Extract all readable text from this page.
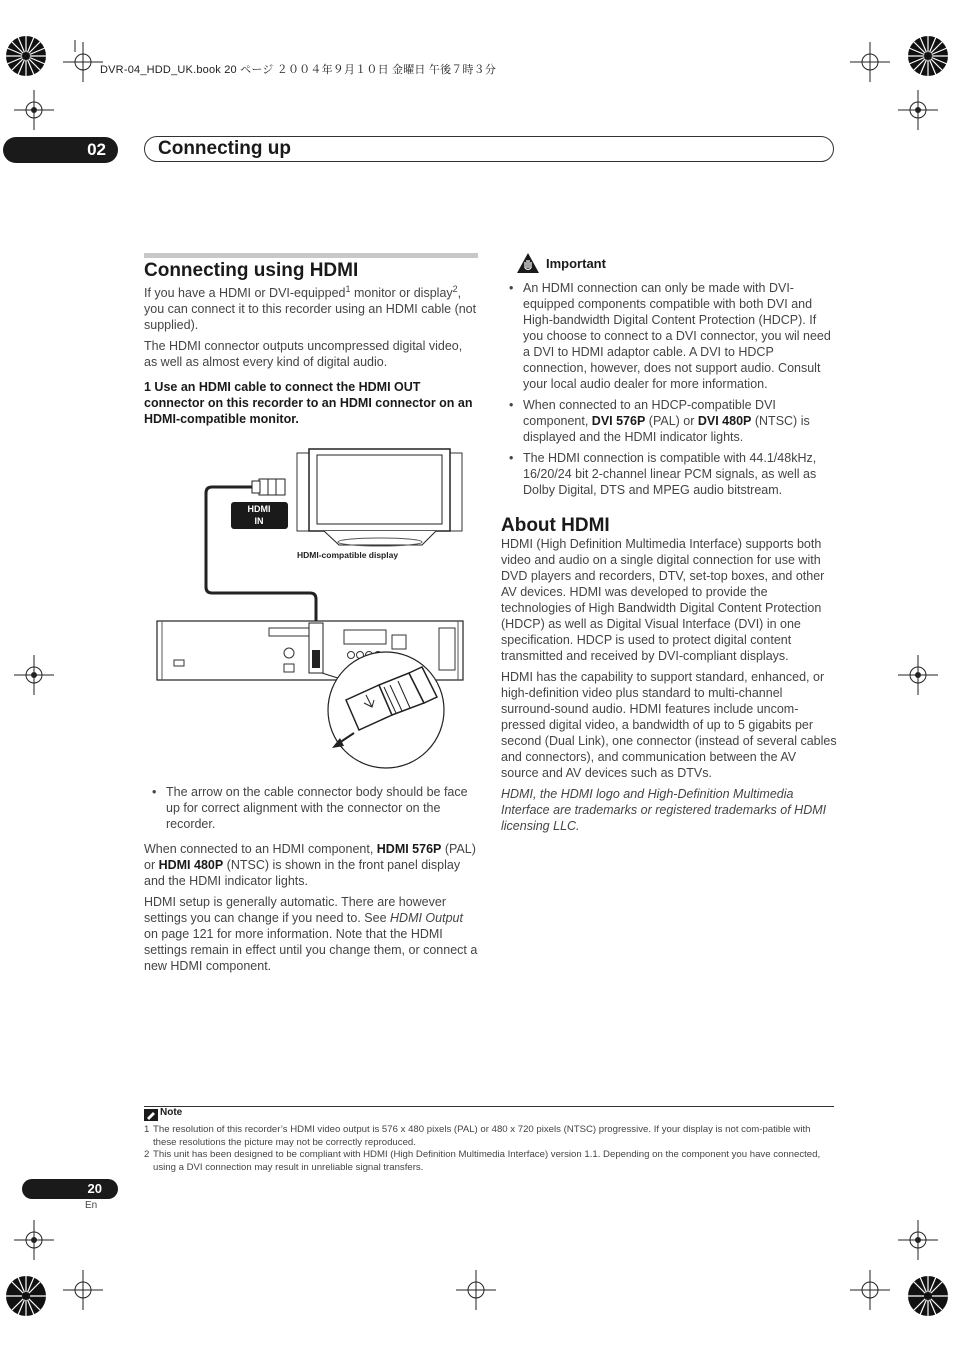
DVR-04_HDD_UK.book 20 ページ ２００４年９月１０日 金曜日 午後７時３分
02	Connecting up
Connecting using HDMI

If you have a HDMI or DVI-equipped$^1$ monitor or display$^2$, you can connect it to this recorder using an HDMI cable (not supplied).

The HDMI connector outputs uncompressed digital video, as well as almost every kind of digital audio.

1 Use an HDMI cable to connect the HDMI OUT connector on this recorder to an HDMI connector on an HDMI-compatible monitor.

HDMI
IN
HDMI-compatible display
• The arrow on the cable connector body should be face up for correct alignment with the connector on the recorder.

When connected to an HDMI component, HDMI 576P (PAL) or HDMI 480P (NTSC) is shown in the front panel display and the HDMI indicator lights.

HDMI setup is generally automatic. There are however settings you can change if you need to. See HDMI Output on page 121 for more information. Note that the HDMI settings remain in effect until you change them, or connect a new HDMI component.

Important
• An HDMI connection can only be made with DVI-equipped components compatible with both DVI and High-bandwidth Digital Content Protection (HDCP). If you choose to connect to a DVI connector, you wil need a DVI to HDMI adaptor cable. A DVI to HDCP connection, however, does not support audio. Consult your local audio dealer for more information.
• When connected to an HDCP-compatible DVI component, DVI 576P (PAL) or DVI 480P (NTSC) is displayed and the HDMI indicator lights.
• The HDMI connection is compatible with 44.1/48kHz, 16/20/24 bit 2-channel linear PCM signals, as well as Dolby Digital, DTS and MPEG audio bitstream.
About HDMI

HDMI (High Definition Multimedia Interface) supports both video and audio on a single digital connection for use with DVD players and recorders, DTV, set-top boxes, and other AV devices. HDMI was developed to provide the technologies of High Bandwidth Digital Content Protection (HDCP) as well as Digital Visual Interface (DVI) in one specification. HDCP is used to protect digital content transmitted and received by DVI-compliant displays.

HDMI has the capability to support standard, enhanced, or high-definition video plus standard to multi-channel surround-sound audio. HDMI features include uncom-pressed digital video, a bandwidth of up to 5 gigabits per second (Dual Link), one connector (instead of several cables and connectors), and communication between the AV source and AV devices such as DTVs.

HDMI, the HDMI logo and High-Definition Multimedia Interface are trademarks or registered trademarks of HDMI licensing LLC.

Note
1 The resolution of this recorder’s HDMI video output is 576 x 480 pixels (PAL) or 480 x 720 pixels (NTSC) progressive. If your display is not com-patible with these resolutions the picture may not be correctly reproduced.
2 This unit has been designed to be compliant with HDMI (High Definition Multimedia Interface) version 1.1. Depending on the component you have connected, using a DVI connection may result in unreliable signal transfers.
20
En
